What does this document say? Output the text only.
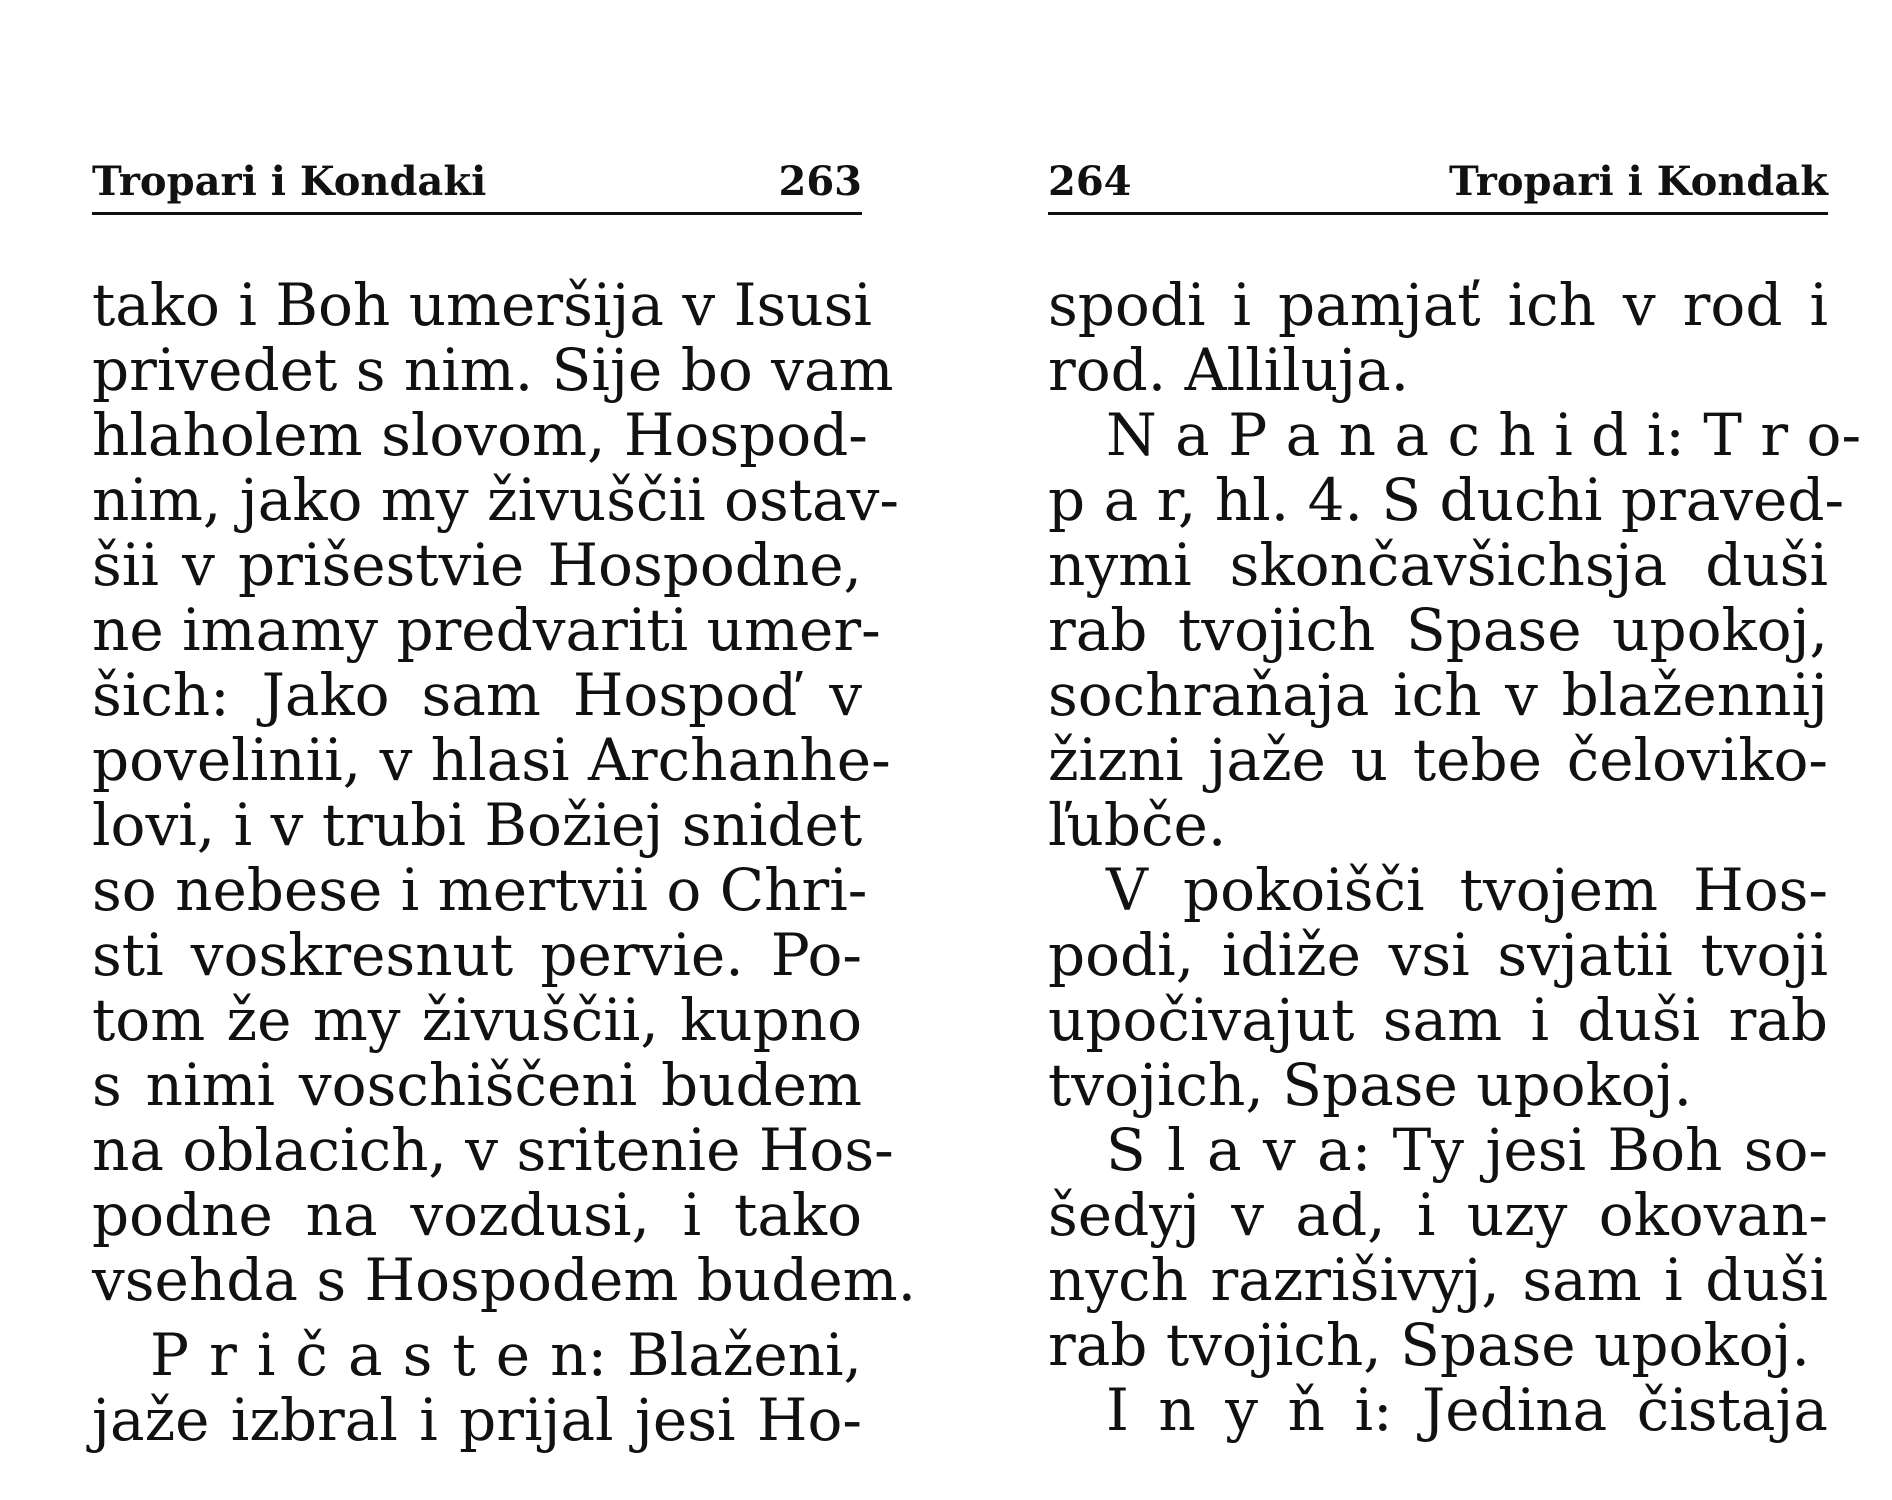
Tropari i Kondaki	263
tako i Boh umeršija v Isusi
privedet s nim. Sije bo vam
hlaholem slovom, Hospod-
nim, jako my živuščii ostav-
šii v prišestvie Hospodne,
ne imamy predvariti umer-
šich: Jako sam Hospoď v
povelinii, v hlasi Archanhe-
lovi, i v trubi Božiej snidet
so nebese i mertvii o Chri-
sti voskresnut pervie. Po-
tom že my živuščii, kupno
s nimi voschiščeni budem
na oblacich, v sritenie Hos-
podne na vozdusi, i tako
vsehda s Hospodem budem.
P r i č a s t e n: Blaženi,
jaže izbral i prijal jesi Ho-
264	Tropari i Kondak
spodi i pamjať ich v rod i
rod. Alliluja.
N a P a n a c h i d i: T r o-
p a r, hl. 4. S duchi praved-
nymi skončavšichsja duši
rab tvojich Spase upokoj,
sochraňaja ich v blažennij
žizni jaže u tebe čeloviko-
ľubče.
V pokoišči tvojem Hos-
podi, idiže vsi svjatii tvoji
upočivajut sam i duši rab
tvojich, Spase upokoj.
S l a v a: Ty jesi Boh so-
šedyj v ad, i uzy okovan-
nych razrišivyj, sam i duši
rab tvojich, Spase upokoj.
I n y ň i: Jedina čistaja
